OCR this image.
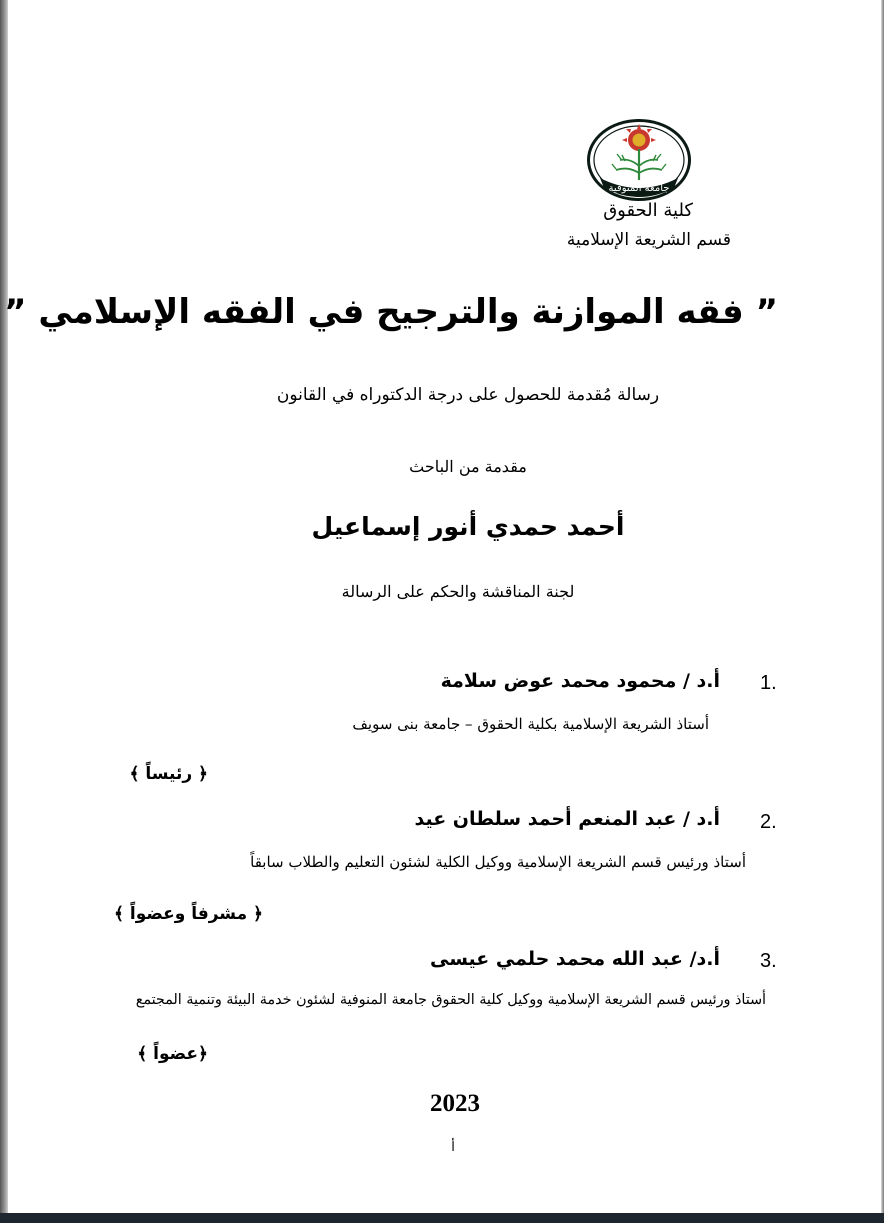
جامعة المنوفية
كلية الحقوق
قسم الشريعة الإسلامية
” فقه الموازنة والترجيح في الفقه الإسلامي ”
رسالة مُقدمة للحصول على درجة الدكتوراه في القانون
مقدمة من الباحث
أحمد حمدي أنور إسماعيل
لجنة المناقشة والحكم على الرسالة
1.
أ.د / محمود محمد عوض سلامة
أستاذ الشريعة الإسلامية بكلية الحقوق – جامعة بنى سويف
﴿ رئيساً ﴾
2.
أ.د / عبد المنعم أحمد سلطان عيد
أستاذ ورئيس قسم الشريعة الإسلامية ووكيل الكلية لشئون التعليم والطلاب سابقاً
﴿ مشرفاً وعضواً ﴾
3.
أ.د/ عبد الله محمد حلمي عيسى
أستاذ ورئيس قسم الشريعة الإسلامية ووكيل كلية الحقوق جامعة المنوفية لشئون خدمة البيئة وتنمية المجتمع
﴿عضواً ﴾
2023
أ
